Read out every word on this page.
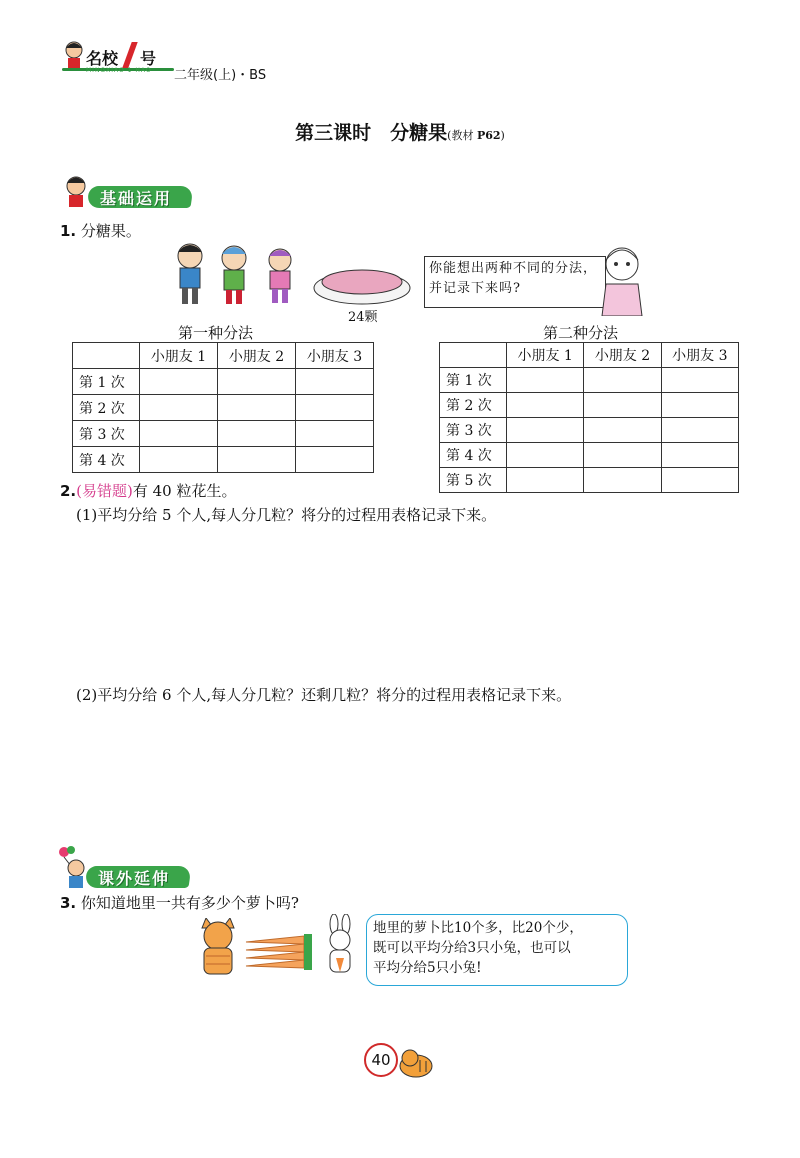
名校 号
MINGXIAO 1 HAO 二年级(上)・BS
第三课时　分糖果(教材 P62)
基础运用
1. 分糖果。
24颗
你能想出两种不同的分法，并记录下来吗?
第一种分法	第二种分法
	小朋友 1	小朋友 2	小朋友 3
第 1 次			
第 2 次			
第 3 次			
第 4 次			
	小朋友 1	小朋友 2	小朋友 3
第 1 次			
第 2 次			
第 3 次			
第 4 次			
第 5 次			
2.(易错题)有 40 粒花生。
(1)平均分给 5 个人,每人分几粒？将分的过程用表格记录下来。
(2)平均分给 6 个人,每人分几粒？还剩几粒？将分的过程用表格记录下来。
课外延伸
3. 你知道地里一共有多少个萝卜吗?
地里的萝卜比10个多，比20个少，
既可以平均分给3只小兔，也可以
平均分给5只小兔!
40
